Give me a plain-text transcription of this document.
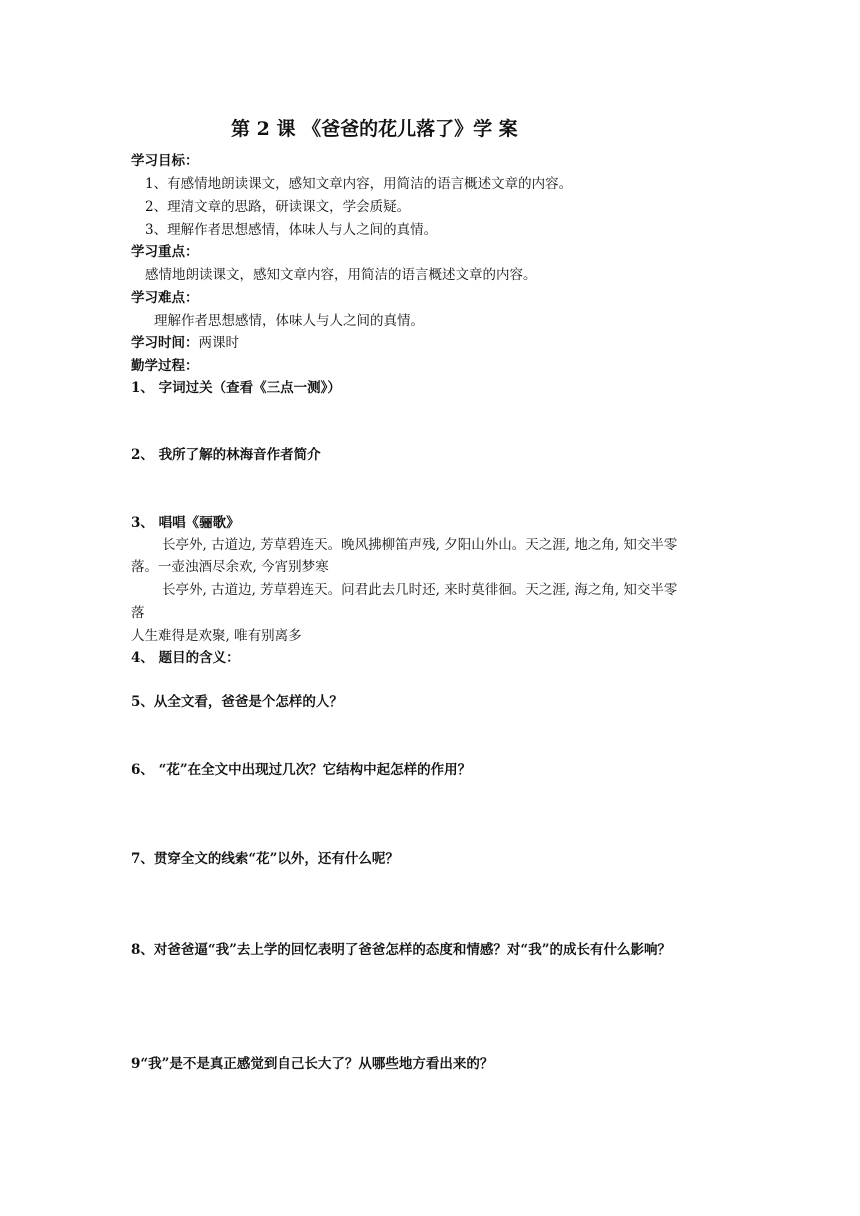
第 2 课 《爸爸的花儿落了》学 案
学习目标：
1、有感情地朗读课文，感知文章内容，用简洁的语言概述文章的内容。
2、理清文章的思路，研读课文，学会质疑。
3、理解作者思想感情，体味人与人之间的真情。
学习重点：
感情地朗读课文，感知文章内容，用简洁的语言概述文章的内容。
学习难点：
理解作者思想感情，体味人与人之间的真情。
学习时间：两课时
勤学过程：
1、 字词过关（查看《三点一测》）
2、 我所了解的林海音作者简介
3、 唱唱《骊歌》
长亭外, 古道边, 芳草碧连天。晚风拂柳笛声残, 夕阳山外山。天之涯, 地之角, 知交半零
落。一壶浊酒尽余欢, 今宵别梦寒
长亭外, 古道边, 芳草碧连天。问君此去几时还, 来时莫徘徊。天之涯, 海之角, 知交半零
落
人生难得是欢聚, 唯有别离多
4、 题目的含义：
5、从全文看，爸爸是个怎样的人？
6、 “花”在全文中出现过几次？它结构中起怎样的作用？
7、贯穿全文的线索“花”以外，还有什么呢？
8、对爸爸逼“我”去上学的回忆表明了爸爸怎样的态度和情感？对“我”的成长有什么影响？
9“我”是不是真正感觉到自己长大了？从哪些地方看出来的？
